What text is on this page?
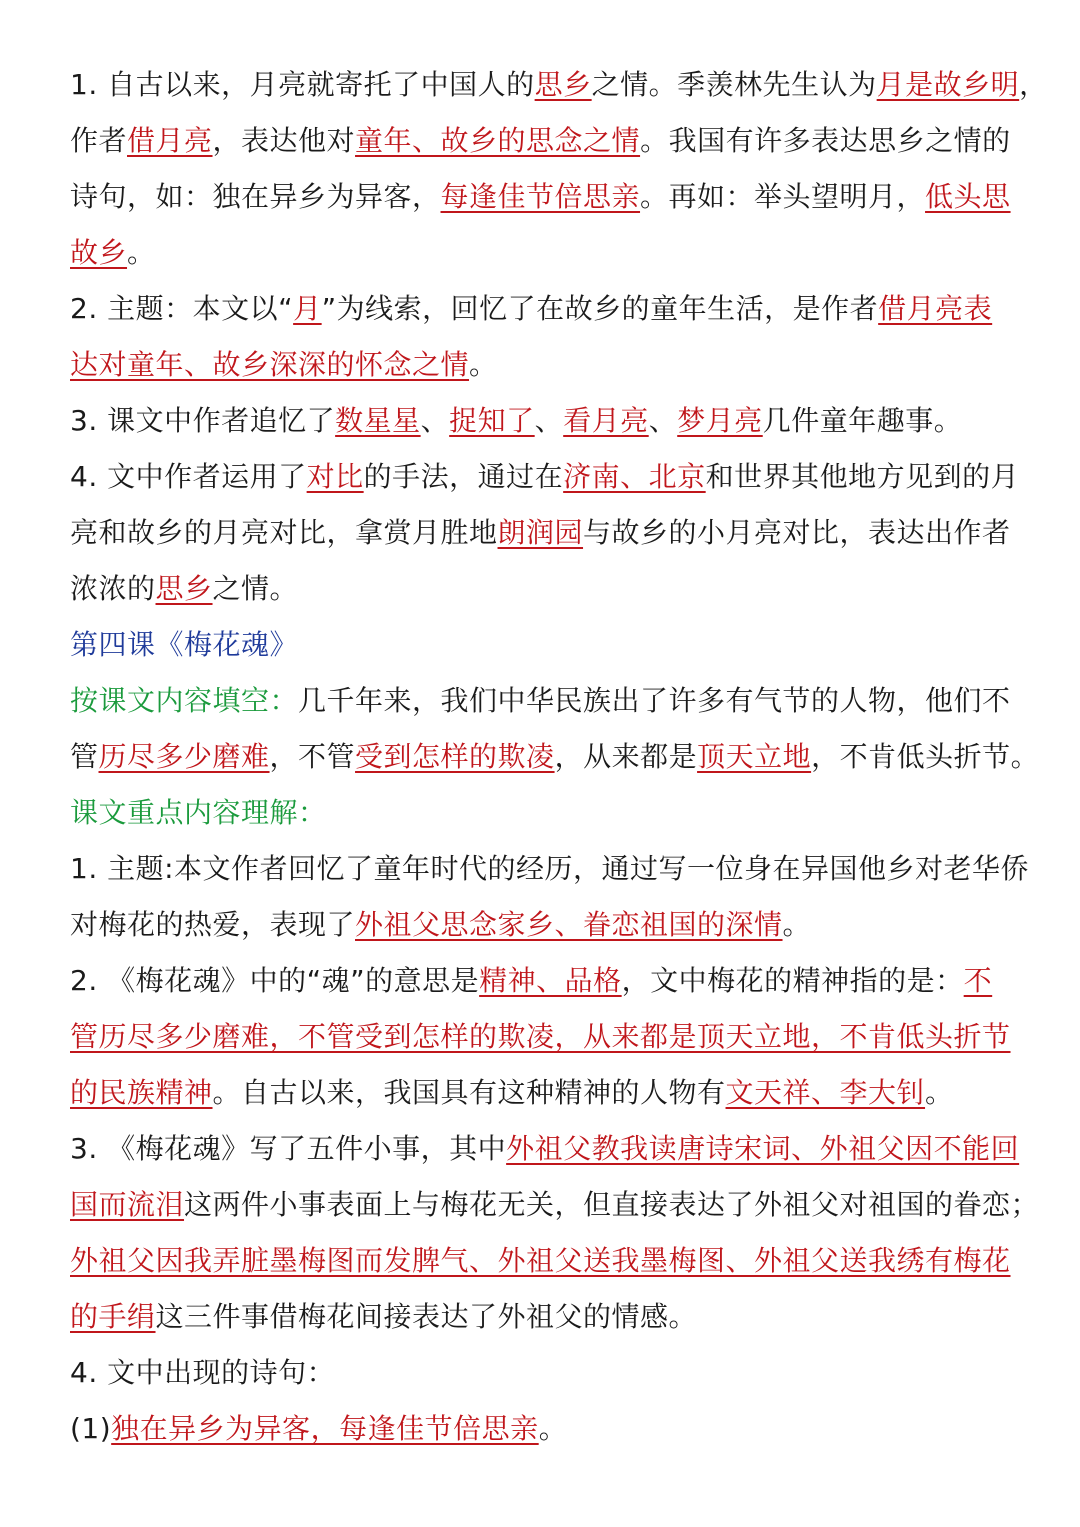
1. 自古以来，月亮就寄托了中国人的思乡之情。季羡林先生认为月是故乡明，
作者借月亮，表达他对童年、故乡的思念之情。我国有许多表达思乡之情的
诗句，如：独在异乡为异客，每逢佳节倍思亲。再如：举头望明月，低头思
故乡。
2. 主题：本文以“月”为线索，回忆了在故乡的童年生活，是作者借月亮表
达对童年、故乡深深的怀念之情。
3. 课文中作者追忆了数星星、捉知了、看月亮、梦月亮几件童年趣事。
4. 文中作者运用了对比的手法，通过在济南、北京和世界其他地方见到的月
亮和故乡的月亮对比，拿赏月胜地朗润园与故乡的小月亮对比，表达出作者
浓浓的思乡之情。
第四课《梅花魂》
按课文内容填空：几千年来，我们中华民族出了许多有气节的人物，他们不
管历尽多少磨难，不管受到怎样的欺凌，从来都是顶天立地，不肯低头折节。
课文重点内容理解：
1. 主题:本文作者回忆了童年时代的经历，通过写一位身在异国他乡对老华侨
对梅花的热爱，表现了外祖父思念家乡、眷恋祖国的深情。
2. 《梅花魂》中的“魂”的意思是精神、品格，文中梅花的精神指的是：不
管历尽多少磨难，不管受到怎样的欺凌，从来都是顶天立地，不肯低头折节
的民族精神。自古以来，我国具有这种精神的人物有文天祥、李大钊。
3. 《梅花魂》写了五件小事，其中外祖父教我读唐诗宋词、外祖父因不能回
国而流泪这两件小事表面上与梅花无关，但直接表达了外祖父对祖国的眷恋；
外祖父因我弄脏墨梅图而发脾气、外祖父送我墨梅图、外祖父送我绣有梅花
的手绢这三件事借梅花间接表达了外祖父的情感。
4. 文中出现的诗句：
(1)独在异乡为异客，每逢佳节倍思亲。
